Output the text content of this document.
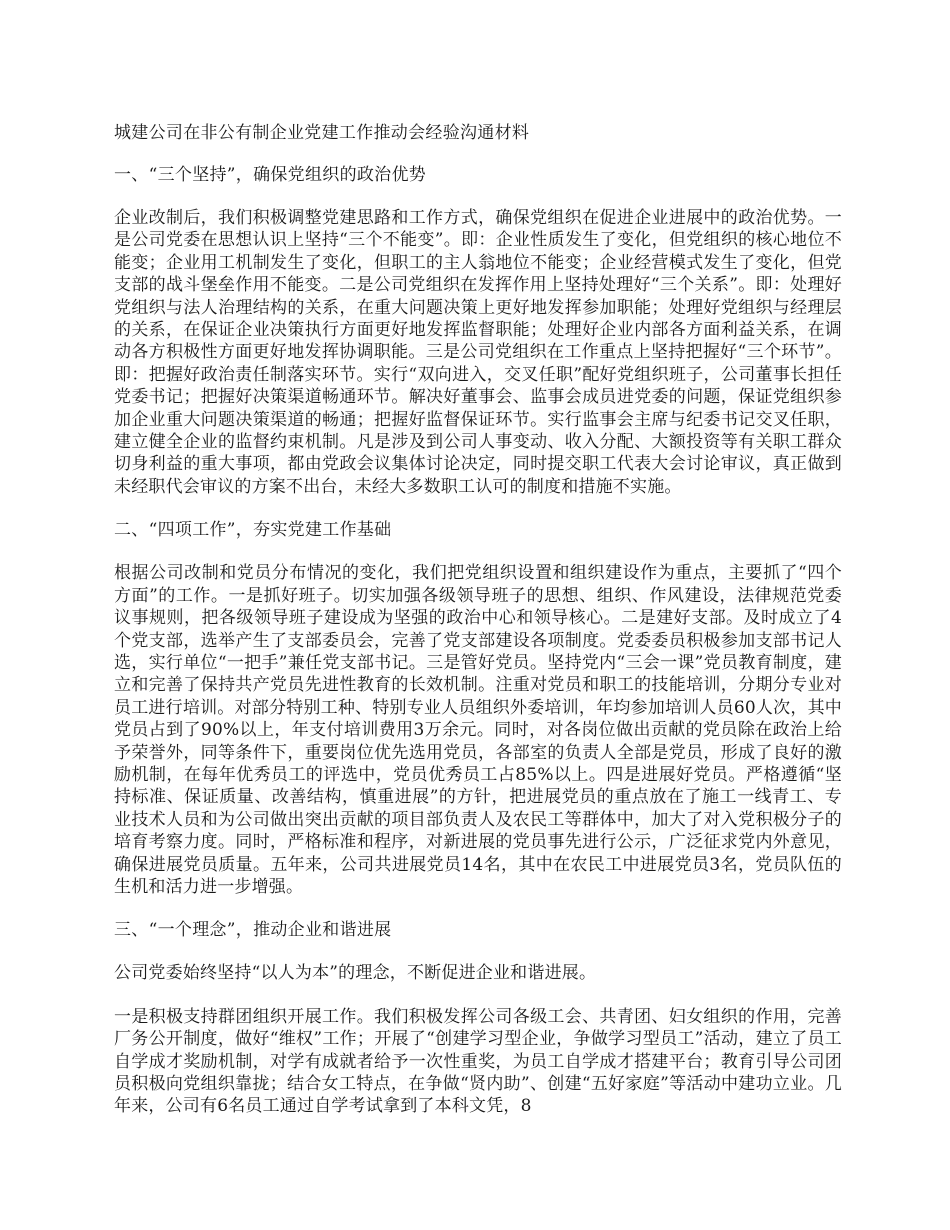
城建公司在非公有制企业党建工作推动会经验沟通材料
一、“三个坚持”，确保党组织的政治优势

企业改制后，我们积极调整党建思路和工作方式，确保党组织在促进企业进展中的政治优势。一是公司党委在思想认识上坚持“三个不能变”。即：企业性质发生了变化，但党组织的核心地位不能变；企业用工机制发生了变化，但职工的主人翁地位不能变；企业经营模式发生了变化，但党支部的战斗堡垒作用不能变。二是公司党组织在发挥作用上坚持处理好“三个关系”。即：处理好党组织与法人治理结构的关系，在重大问题决策上更好地发挥参加职能；处理好党组织与经理层的关系，在保证企业决策执行方面更好地发挥监督职能；处理好企业内部各方面利益关系，在调动各方积极性方面更好地发挥协调职能。三是公司党组织在工作重点上坚持把握好“三个环节”。即：把握好政治责任制落实环节。实行“双向进入，交叉任职”配好党组织班子，公司董事长担任党委书记；把握好决策渠道畅通环节。解决好董事会、监事会成员进党委的问题，保证党组织参加企业重大问题决策渠道的畅通；把握好监督保证环节。实行监事会主席与纪委书记交叉任职，建立健全企业的监督约束机制。凡是涉及到公司人事变动、收入分配、大额投资等有关职工群众切身利益的重大事项，都由党政会议集体讨论决定，同时提交职工代表大会讨论审议，真正做到未经职代会审议的方案不出台，未经大多数职工认可的制度和措施不实施。

二、“四项工作”，夯实党建工作基础

根据公司改制和党员分布情况的变化，我们把党组织设置和组织建设作为重点，主要抓了“四个方面”的工作。一是抓好班子。切实加强各级领导班子的思想、组织、作风建设，法律规范党委议事规则，把各级领导班子建设成为坚强的政治中心和领导核心。二是建好支部。及时成立了4个党支部，选举产生了支部委员会，完善了党支部建设各项制度。党委委员积极参加支部书记人选，实行单位“一把手”兼任党支部书记。三是管好党员。坚持党内“三会一课”党员教育制度，建立和完善了保持共产党员先进性教育的长效机制。注重对党员和职工的技能培训，分期分专业对员工进行培训。对部分特别工种、特别专业人员组织外委培训，年均参加培训人员60人次，其中党员占到了90%以上，年支付培训费用3万余元。同时，对各岗位做出贡献的党员除在政治上给予荣誉外，同等条件下，重要岗位优先选用党员，各部室的负责人全部是党员，形成了良好的激励机制，在每年优秀员工的评选中，党员优秀员工占85%以上。四是进展好党员。严格遵循“坚持标准、保证质量、改善结构，慎重进展”的方针，把进展党员的重点放在了施工一线青工、专业技术人员和为公司做出突出贡献的项目部负责人及农民工等群体中，加大了对入党积极分子的培育考察力度。同时，严格标准和程序，对新进展的党员事先进行公示，广泛征求党内外意见，确保进展党员质量。五年来，公司共进展党员14名，其中在农民工中进展党员3名，党员队伍的生机和活力进一步增强。

三、“一个理念”，推动企业和谐进展

公司党委始终坚持“以人为本”的理念，不断促进企业和谐进展。

一是积极支持群团组织开展工作。我们积极发挥公司各级工会、共青团、妇女组织的作用，完善厂务公开制度，做好“维权”工作；开展了“创建学习型企业，争做学习型员工”活动，建立了员工自学成才奖励机制，对学有成就者给予一次性重奖，为员工自学成才搭建平台；教育引导公司团员积极向党组织靠拢；结合女工特点，在争做“贤内助”、创建“五好家庭”等活动中建功立业。几年来，公司有6名员工通过自学考试拿到了本科文凭，8
